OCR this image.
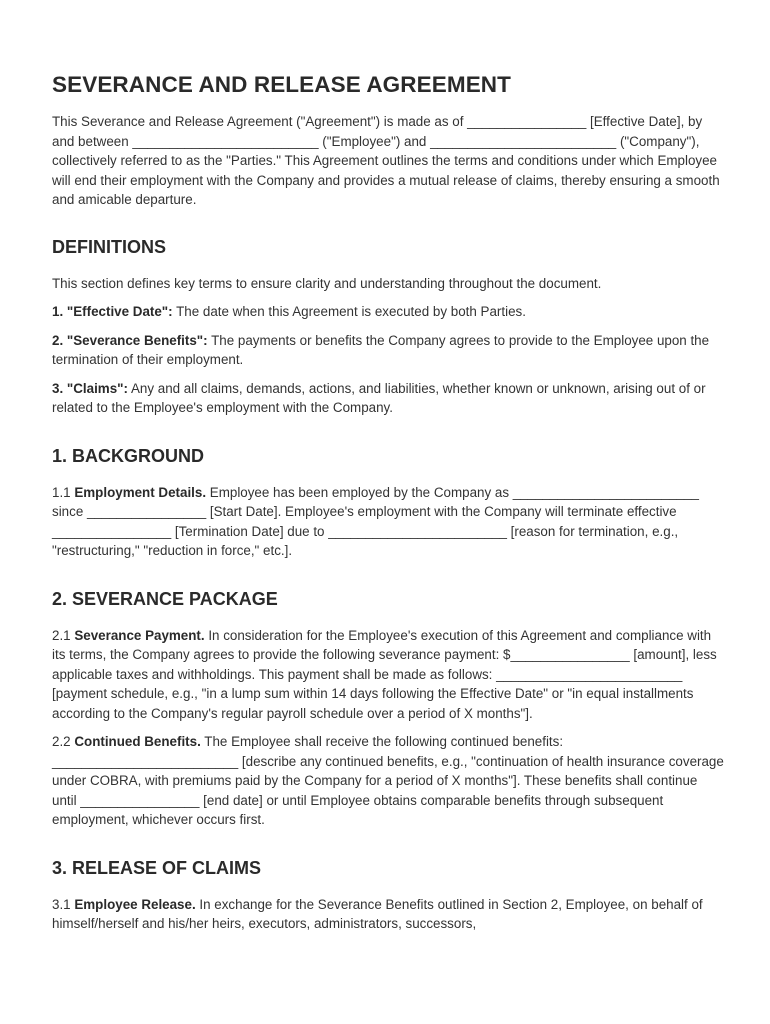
SEVERANCE AND RELEASE AGREEMENT

This Severance and Release Agreement ("Agreement") is made as of ________________ [Effective Date], by and between _________________________ ("Employee") and _________________________ ("Company"), collectively referred to as the "Parties." This Agreement outlines the terms and conditions under which Employee will end their employment with the Company and provides a mutual release of claims, thereby ensuring a smooth and amicable departure.

DEFINITIONS

This section defines key terms to ensure clarity and understanding throughout the document.

1. "Effective Date": The date when this Agreement is executed by both Parties.

2. "Severance Benefits": The payments or benefits the Company agrees to provide to the Employee upon the termination of their employment.

3. "Claims": Any and all claims, demands, actions, and liabilities, whether known or unknown, arising out of or related to the Employee's employment with the Company.

1. BACKGROUND

1.1 Employment Details. Employee has been employed by the Company as _________________________ since ________________ [Start Date]. Employee's employment with the Company will terminate effective ________________ [Termination Date] due to ________________________ [reason for termination, e.g., "restructuring," "reduction in force," etc.].

2. SEVERANCE PACKAGE

2.1 Severance Payment. In consideration for the Employee's execution of this Agreement and compliance with its terms, the Company agrees to provide the following severance payment: $________________ [amount], less applicable taxes and withholdings. This payment shall be made as follows: _________________________ [payment schedule, e.g., "in a lump sum within 14 days following the Effective Date" or "in equal installments according to the Company's regular payroll schedule over a period of X months"].

2.2 Continued Benefits. The Employee shall receive the following continued benefits: _________________________ [describe any continued benefits, e.g., "continuation of health insurance coverage under COBRA, with premiums paid by the Company for a period of X months"]. These benefits shall continue until ________________ [end date] or until Employee obtains comparable benefits through subsequent employment, whichever occurs first.

3. RELEASE OF CLAIMS

3.1 Employee Release. In exchange for the Severance Benefits outlined in Section 2, Employee, on behalf of himself/herself and his/her heirs, executors, administrators, successors,
